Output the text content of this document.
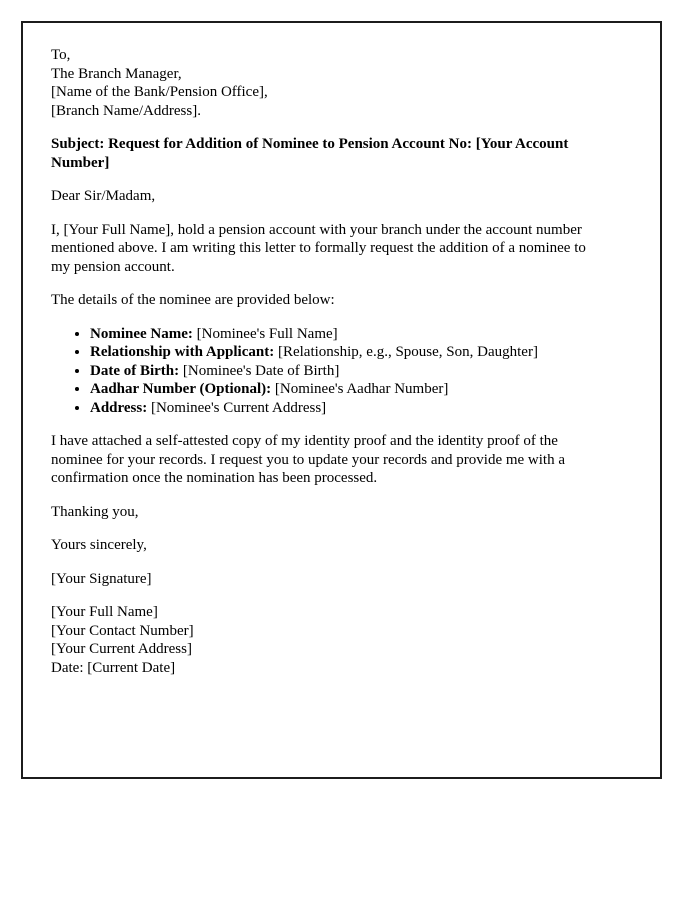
To,
The Branch Manager,
[Name of the Bank/Pension Office],
[Branch Name/Address].
Subject: Request for Addition of Nominee to Pension Account No: [Your Account
Number]
Dear Sir/Madam,
I, [Your Full Name], hold a pension account with your branch under the account number
mentioned above. I am writing this letter to formally request the addition of a nominee to
my pension account.
The details of the nominee are provided below:
• Nominee Name: [Nominee's Full Name]
• Relationship with Applicant: [Relationship, e.g., Spouse, Son, Daughter]
• Date of Birth: [Nominee's Date of Birth]
• Aadhar Number (Optional): [Nominee's Aadhar Number]
• Address: [Nominee's Current Address]
I have attached a self-attested copy of my identity proof and the identity proof of the
nominee for your records. I request you to update your records and provide me with a
confirmation once the nomination has been processed.
Thanking you,
Yours sincerely,
[Your Signature]
[Your Full Name]
[Your Contact Number]
[Your Current Address]
Date: [Current Date]
